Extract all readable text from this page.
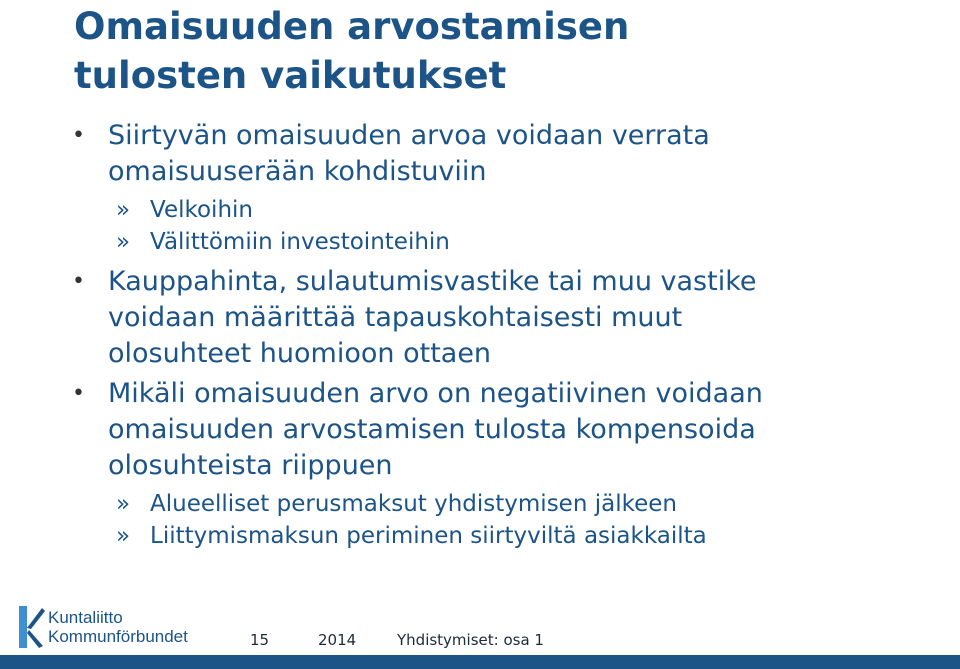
Omaisuuden arvostamisen
tulosten vaikutukset
• Siirtyvän omaisuuden arvoa voidaan verrata
omaisuuserään kohdistuviin
» Velkoihin
» Välittömiin investointeihin
• Kauppahinta, sulautumisvastike tai muu vastike
voidaan määrittää tapauskohtaisesti muut
olosuhteet huomioon ottaen
• Mikäli omaisuuden arvo on negatiivinen voidaan
omaisuuden arvostamisen tulosta kompensoida
olosuhteista riippuen
» Alueelliset perusmaksut yhdistymisen jälkeen
» Liittymismaksun periminen siirtyviltä asiakkailta
Kuntaliitto
Kommunförbundet	15	2014	Yhdistymiset: osa 1
